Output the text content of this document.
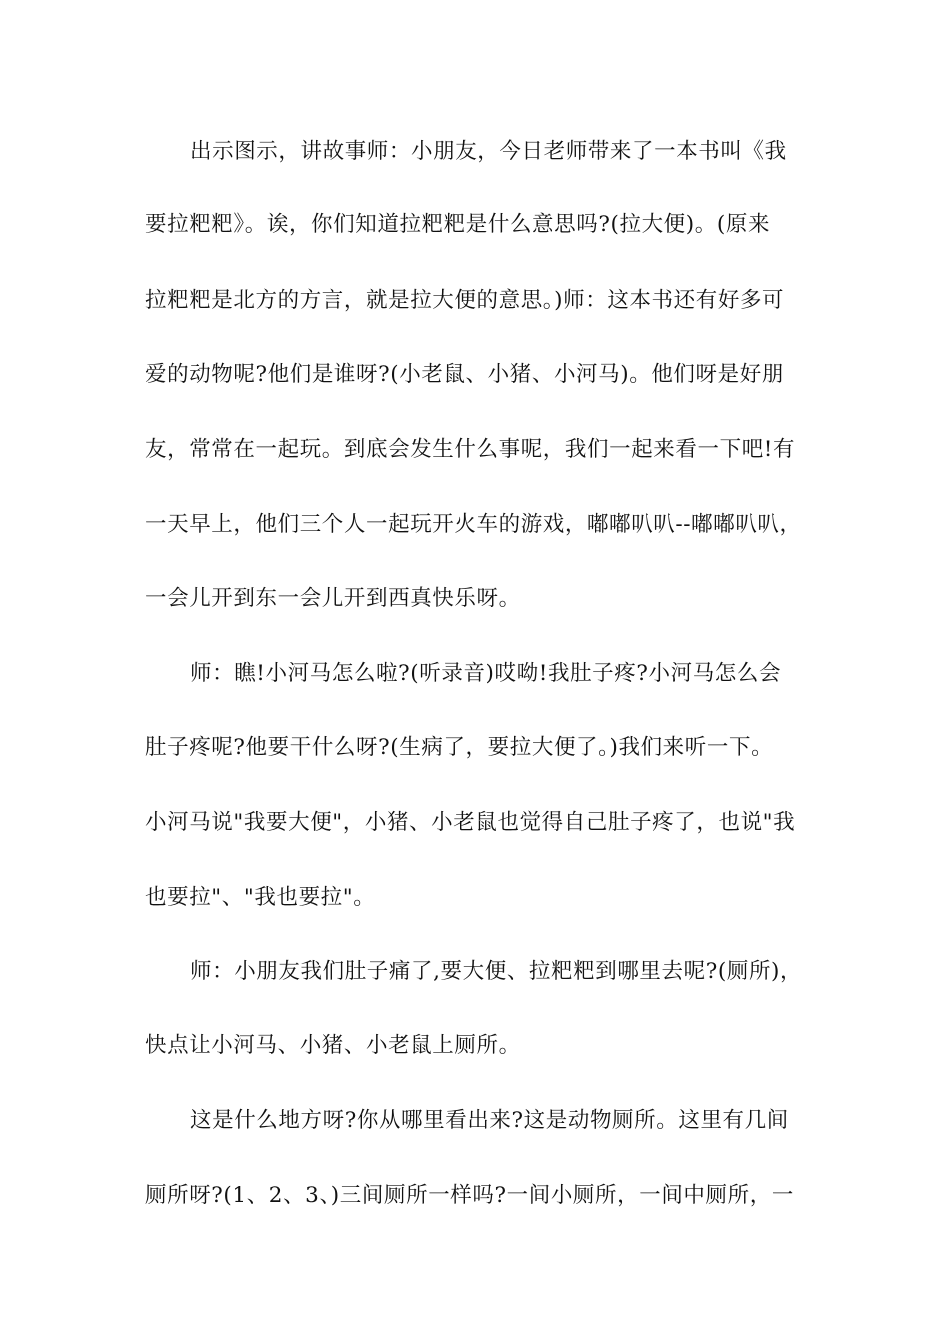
出示图示，讲故事师：小朋友，今日老师带来了一本书叫《我
要拉粑粑》。诶，你们知道拉粑粑是什么意思吗?(拉大便)。(原来
拉粑粑是北方的方言，就是拉大便的意思。)师：这本书还有好多可
爱的动物呢?他们是谁呀?(小老鼠、小猪、小河马)。他们呀是好朋
友，常常在一起玩。到底会发生什么事呢，我们一起来看一下吧!有
一天早上，他们三个人一起玩开火车的游戏，嘟嘟叭叭--嘟嘟叭叭，
一会儿开到东一会儿开到西真快乐呀。
师：瞧!小河马怎么啦?(听录音)哎呦!我肚子疼?小河马怎么会
肚子疼呢?他要干什么呀?(生病了，要拉大便了。)我们来听一下。
小河马说"我要大便"，小猪、小老鼠也觉得自己肚子疼了，也说"我
也要拉"、"我也要拉"。
师：小朋友我们肚子痛了,要大便、拉粑粑到哪里去呢?(厕所)，
快点让小河马、小猪、小老鼠上厕所。
这是什么地方呀?你从哪里看出来?这是动物厕所。这里有几间
厕所呀?(1、2、3、)三间厕所一样吗?一间小厕所，一间中厕所，一
